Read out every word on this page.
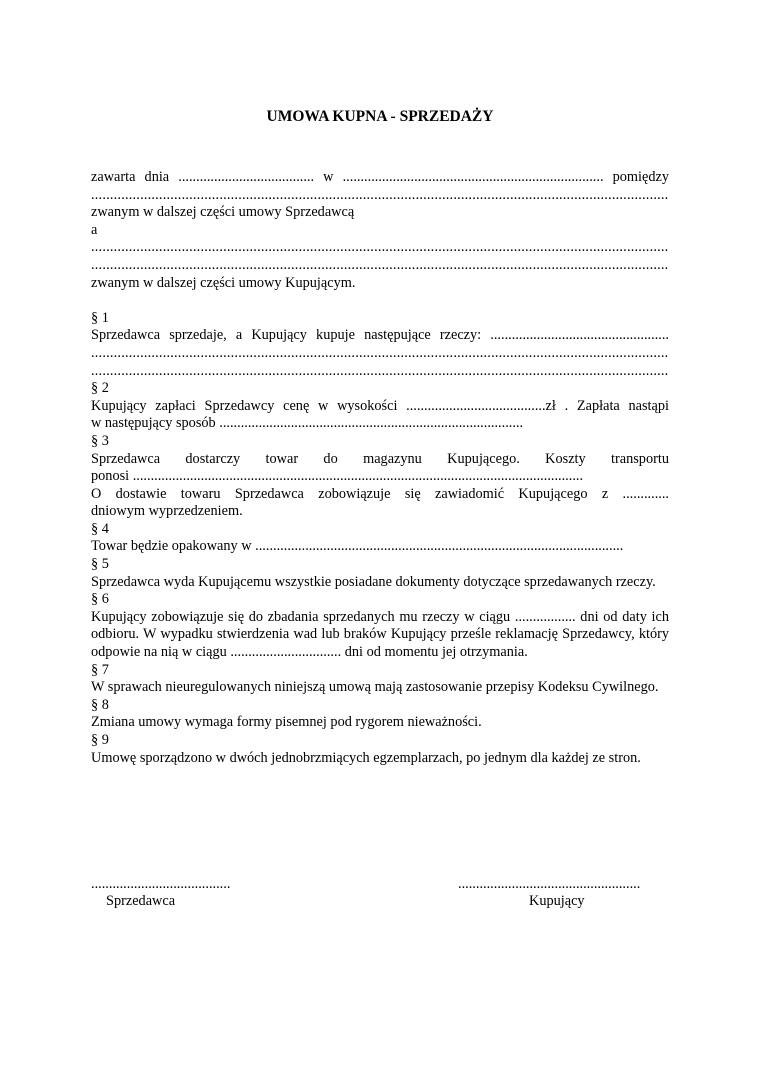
UMOWA KUPNA - SPRZEDAŻY
zawarta dnia ...................................... w ......................................................................... pomiędzy
.........................................................................................................................................................
zwanym w dalszej części umowy Sprzedawcą
a
.........................................................................................................................................................
.........................................................................................................................................................
zwanym w dalszej części umowy Kupującym.
§ 1
Sprzedawca sprzedaje, a Kupujący kupuje następujące rzeczy: ..................................................
.........................................................................................................................................................
.........................................................................................................................................................
§ 2
Kupujący zapłaci Sprzedawcy cenę w wysokości .......................................zł . Zapłata nastąpi
w następujący sposób .....................................................................................
§ 3
Sprzedawca dostarczy towar do magazynu Kupującego. Koszty transportu
ponosi ..............................................................................................................................
O dostawie towaru Sprzedawca zobowiązuje się zawiadomić Kupującego z .............
dniowym wyprzedzeniem.
§ 4
Towar będzie opakowany w .......................................................................................................
§ 5
Sprzedawca wyda Kupującemu wszystkie posiadane dokumenty dotyczące sprzedawanych rzeczy.
§ 6
Kupujący zobowiązuje się do zbadania sprzedanych mu rzeczy w ciągu ................. dni od daty ich odbioru. W wypadku stwierdzenia wad lub braków Kupujący prześle reklamację Sprzedawcy, który odpowie na nią w ciągu ............................... dni od momentu jej otrzymania.
§ 7
W sprawach nieuregulowanych niniejszą umową mają zastosowanie przepisy Kodeksu Cywilnego.
§ 8
Zmiana umowy wymaga formy pisemnej pod rygorem nieważności.
§ 9
Umowę sporządzono w dwóch jednobrzmiących egzemplarzach, po jednym dla każdej ze stron.
.......................................
Sprzedawca
...................................................
Kupujący
